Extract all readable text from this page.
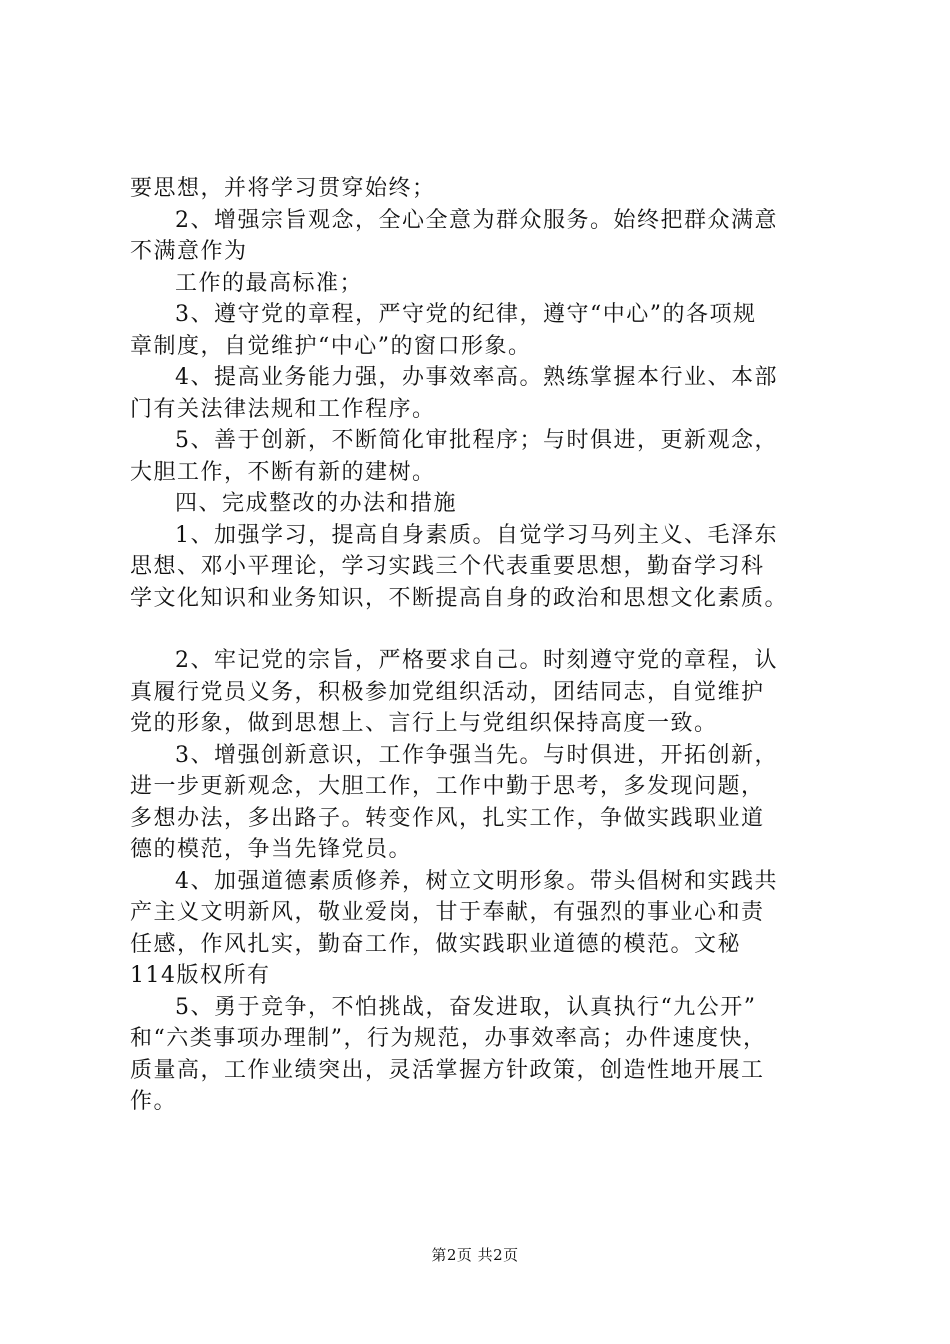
要思想，并将学习贯穿始终；
2、增强宗旨观念，全心全意为群众服务。始终把群众满意
不满意作为
工作的最高标准；
3、遵守党的章程，严守党的纪律，遵守“中心”的各项规
章制度，自觉维护“中心”的窗口形象。
4、提高业务能力强，办事效率高。熟练掌握本行业、本部
门有关法律法规和工作程序。
5、善于创新，不断简化审批程序；与时俱进，更新观念，
大胆工作，不断有新的建树。
四、完成整改的办法和措施
1、加强学习，提高自身素质。自觉学习马列主义、毛泽东
思想、邓小平理论，学习实践三个代表重要思想，勤奋学习科
学文化知识和业务知识，不断提高自身的政治和思想文化素质。
2、牢记党的宗旨，严格要求自己。时刻遵守党的章程，认
真履行党员义务，积极参加党组织活动，团结同志，自觉维护
党的形象，做到思想上、言行上与党组织保持高度一致。
3、增强创新意识，工作争强当先。与时俱进，开拓创新，
进一步更新观念，大胆工作，工作中勤于思考，多发现问题，
多想办法，多出路子。转变作风，扎实工作，争做实践职业道
德的模范，争当先锋党员。
4、加强道德素质修养，树立文明形象。带头倡树和实践共
产主义文明新风，敬业爱岗，甘于奉献，有强烈的事业心和责
任感，作风扎实，勤奋工作，做实践职业道德的模范。文秘
114版权所有
5、勇于竞争，不怕挑战，奋发进取，认真执行“九公开”
和“六类事项办理制”，行为规范，办事效率高；办件速度快，
质量高，工作业绩突出，灵活掌握方针政策，创造性地开展工
作。
第2页 共2页
